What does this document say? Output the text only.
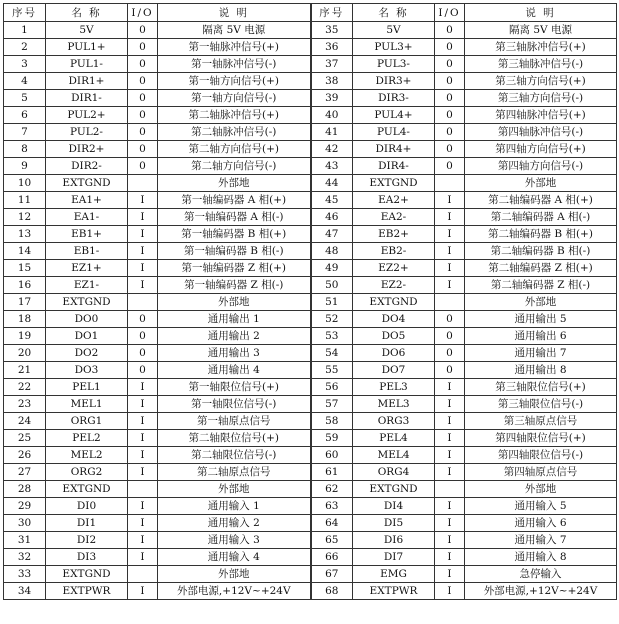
序号	名 称	I/O	说 明	序号	名 称	I/O	说 明
1	5V	0	隔离 5V 电源	35	5V	0	隔离 5V 电源
2	PUL1+	0	第一轴脉冲信号(+)	36	PUL3+	0	第三轴脉冲信号(+)
3	PUL1-	0	第一轴脉冲信号(-)	37	PUL3-	0	第三轴脉冲信号(-)
4	DIR1+	0	第一轴方向信号(+)	38	DIR3+	0	第三轴方向信号(+)
5	DIR1-	0	第一轴方向信号(-)	39	DIR3-	0	第三轴方向信号(-)
6	PUL2+	0	第二轴脉冲信号(+)	40	PUL4+	0	第四轴脉冲信号(+)
7	PUL2-	0	第二轴脉冲信号(-)	41	PUL4-	0	第四轴脉冲信号(-)
8	DIR2+	0	第二轴方向信号(+)	42	DIR4+	0	第四轴方向信号(+)
9	DIR2-	0	第二轴方向信号(-)	43	DIR4-	0	第四轴方向信号(-)
10	EXTGND		外部地	44	EXTGND		外部地
11	EA1+	I	第一轴编码器 A 相(+)	45	EA2+	I	第二轴编码器 A 相(+)
12	EA1-	I	第一轴编码器 A 相(-)	46	EA2-	I	第二轴编码器 A 相(-)
13	EB1+	I	第一轴编码器 B 相(+)	47	EB2+	I	第二轴编码器 B 相(+)
14	EB1-	I	第一轴编码器 B 相(-)	48	EB2-	I	第二轴编码器 B 相(-)
15	EZ1+	I	第一轴编码器 Z 相(+)	49	EZ2+	I	第二轴编码器 Z 相(+)
16	EZ1-	I	第一轴编码器 Z 相(-)	50	EZ2-	I	第二轴编码器 Z 相(-)
17	EXTGND		外部地	51	EXTGND		外部地
18	DO0	0	通用输出 1	52	DO4	0	通用输出 5
19	DO1	0	通用输出 2	53	DO5	0	通用输出 6
20	DO2	0	通用输出 3	54	DO6	0	通用输出 7
21	DO3	0	通用输出 4	55	DO7	0	通用输出 8
22	PEL1	I	第一轴限位信号(+)	56	PEL3	I	第三轴限位信号(+)
23	MEL1	I	第一轴限位信号(-)	57	MEL3	I	第三轴限位信号(-)
24	ORG1	I	第一轴原点信号	58	ORG3	I	第三轴原点信号
25	PEL2	I	第二轴限位信号(+)	59	PEL4	I	第四轴限位信号(+)
26	MEL2	I	第二轴限位信号(-)	60	MEL4	I	第四轴限位信号(-)
27	ORG2	I	第二轴原点信号	61	ORG4	I	第四轴原点信号
28	EXTGND		外部地	62	EXTGND		外部地
29	DI0	I	通用输入 1	63	DI4	I	通用输入 5
30	DI1	I	通用输入 2	64	DI5	I	通用输入 6
31	DI2	I	通用输入 3	65	DI6	I	通用输入 7
32	DI3	I	通用输入 4	66	DI7	I	通用输入 8
33	EXTGND		外部地	67	EMG	I	急停输入
34	EXTPWR	I	外部电源,+12V~+24V	68	EXTPWR	I	外部电源,+12V~+24V
